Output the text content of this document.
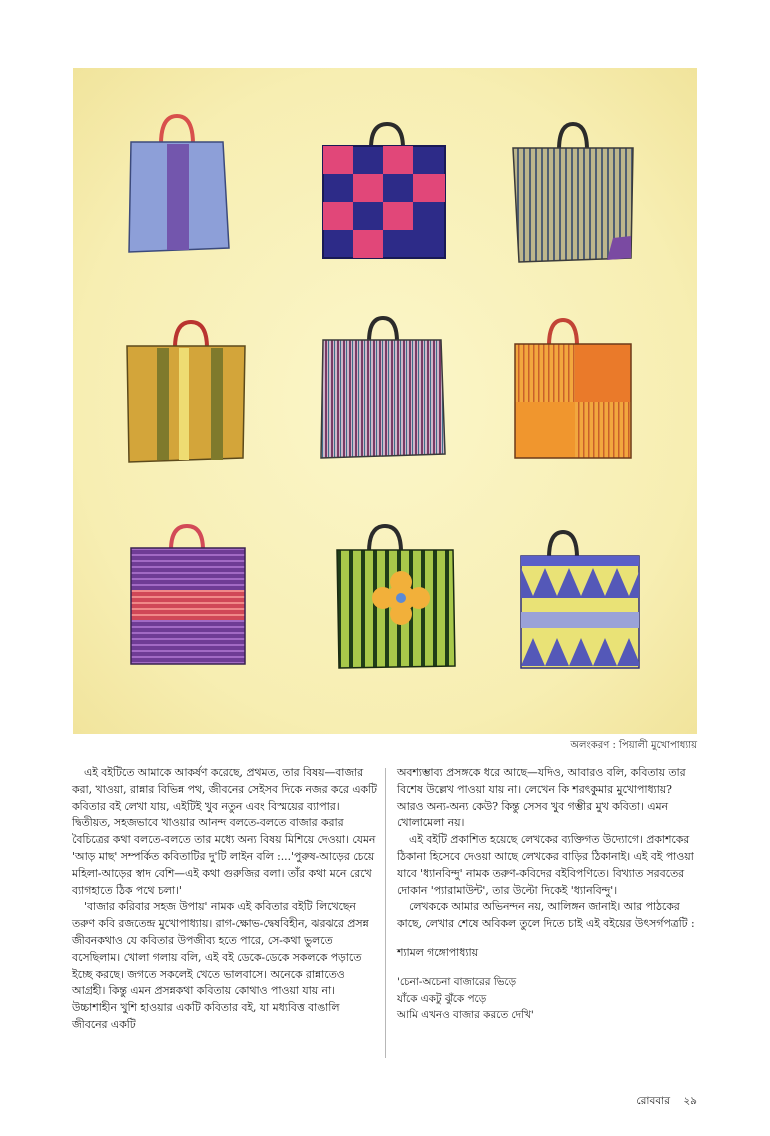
অলংকরণ : পিয়ালী মুখোপাধ্যায়

এই বইটিতে আমাকে আকর্ষণ করেছে, প্রথমত, তার বিষয়—বাজার করা, খাওয়া, রান্নার বিভিন্ন পথ, জীবনের সেইসব দিকে নজর করে একটি কবিতার বই লেখা যায়, এইটিই খুব নতুন এবং বিস্ময়ের ব্যাপার। দ্বিতীয়ত, সহজভাবে খাওয়ার আনন্দ বলতে-বলতে বাজার করার বৈচিত্রের কথা বলতে-বলতে তার মধ্যে অন্য বিষয় মিশিয়ে দেওয়া। যেমন 'আড় মাছ' সম্পর্কিত কবিতাটির দু'টি লাইন বলি :...'পুরুষ-আড়ের চেয়ে মহিলা-আড়ের স্বাদ বেশি—এই কথা গুরুজির বলা। তাঁর কথা মনে রেখে ব্যাগহাতে ঠিক পথে চলা।'

'বাজার করিবার সহজ উপায়' নামক এই কবিতার বইটি লিখেছেন তরুণ কবি রজতেন্দ্র মুখোপাধ্যায়। রাগ-ক্ষোভ-দ্বেষবিহীন, ঝরঝরে প্রসন্ন জীবনকথাও যে কবিতার উপজীব্য হতে পারে, সে-কথা ভুলতে বসেছিলাম। খোলা গলায় বলি, এই বই ডেকে-ডেকে সকলকে পড়াতে ইচ্ছে করছে। জগতে সকলেই খেতে ভালবাসে। অনেকে রান্নাতেও আগ্রহী। কিন্তু এমন প্রসন্নকথা কবিতায় কোথাও পাওয়া যায় না। উচ্চাশাহীন খুশি হাওয়ার একটি কবিতার বই, যা মধ্যবিত্ত বাঙালি জীবনের একটি

অবশ্যম্ভাব্য প্রসঙ্গকে ধরে আছে—যদিও, আবারও বলি, কবিতায় তার বিশেষ উল্লেখ পাওয়া যায় না। লেখেন কি শরৎকুমার মুখোপাধ্যায়? আরও অন্য-অন্য কেউ? কিন্তু সেসব খুব গম্ভীর মুখ কবিতা। এমন খোলামেলা নয়।

এই বইটি প্রকাশিত হয়েছে লেখকের ব্যক্তিগত উদ্যোগে। প্রকাশকের ঠিকানা হিসেবে দেওয়া আছে লেখকের বাড়ির ঠিকানাই। এই বই পাওয়া যাবে 'ধ্যানবিন্দু' নামক তরুণ-কবিদের বইবিপণিতে। বিখ্যাত সরবতের দোকান 'প্যারামাউন্ট', তার উল্টো দিকেই 'ধ্যানবিন্দু'।

লেখককে আমার অভিনন্দন নয়, আলিঙ্গন জানাই। আর পাঠকের কাছে, লেখার শেষে অবিকল তুলে দিতে চাই এই বইয়ের উৎসর্গপত্রটি :

শ্যামল গঙ্গোপাধ্যায়

'চেনা-অচেনা বাজারের ভিড়ে
যাঁকে একটু ঝুঁকে পড়ে
আমি এখনও বাজার করতে দেখি'
রোববার ২৯
